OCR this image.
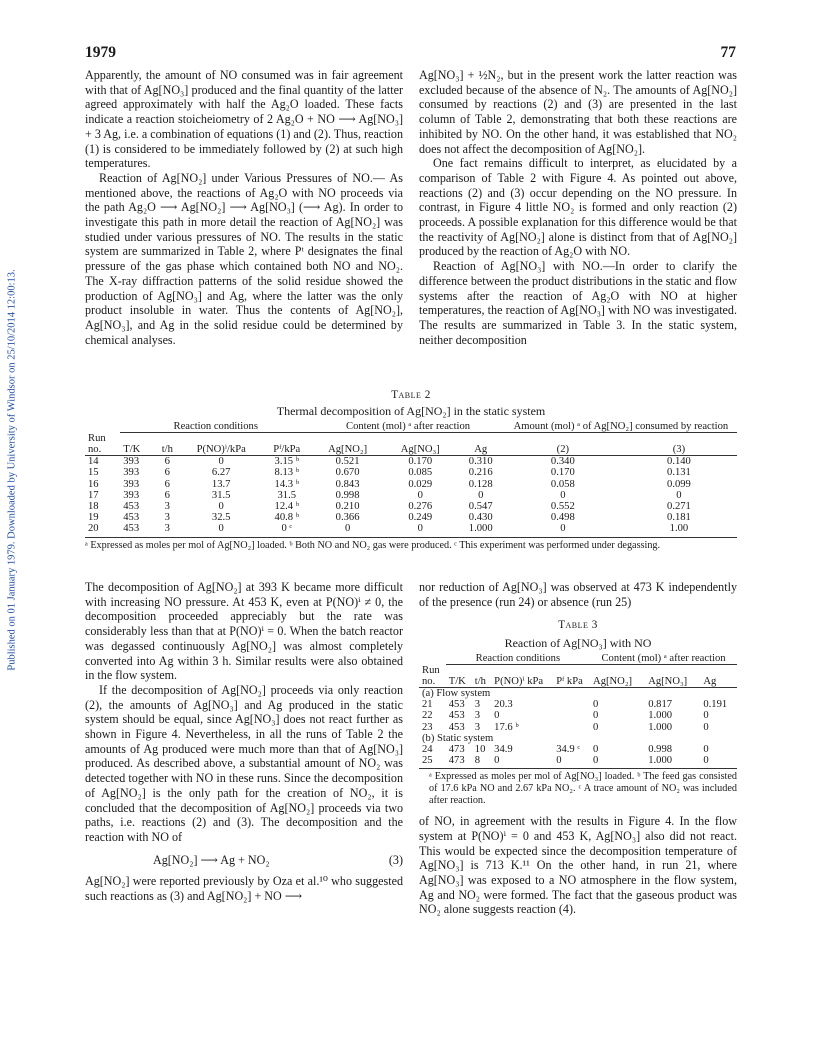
Published on 01 January 1979. Downloaded by University of Windsor on 25/10/2014 12:00:13.
1979	77

Apparently, the amount of NO consumed was in fair agreement with that of Ag[NO₃] produced and the final quantity of the latter agreed approximately with half the Ag₂O loaded. These facts indicate a reaction stoicheiometry of 2 Ag₂O + NO ⟶ Ag[NO₃] + 3 Ag, i.e. a combination of equations (1) and (2). Thus, reaction (1) is considered to be immediately followed by (2) at such high temperatures.

Reaction of Ag[NO₂] under Various Pressures of NO.— As mentioned above, the reactions of Ag₂O with NO proceeds via the path Ag₂O ⟶ Ag[NO₂] ⟶ Ag[NO₃] (⟶ Ag). In order to investigate this path in more detail the reaction of Ag[NO₂] was studied under various pressures of NO. The results in the static system are summarized in Table 2, where Pᵗ designates the final pressure of the gas phase which contained both NO and NO₂. The X-ray diffraction patterns of the solid residue showed the production of Ag[NO₃] and Ag, where the latter was the only product insoluble in water. Thus the contents of Ag[NO₂], Ag[NO₃], and Ag in the solid residue could be determined by chemical analyses.

Ag[NO₃] + ½N₂, but in the present work the latter reaction was excluded because of the absence of N₂. The amounts of Ag[NO₂] consumed by reactions (2) and (3) are presented in the last column of Table 2, demonstrating that both these reactions are inhibited by NO. On the other hand, it was established that NO₂ does not affect the decomposition of Ag[NO₂].

One fact remains difficult to interpret, as elucidated by a comparison of Table 2 with Figure 4. As pointed out above, reactions (2) and (3) occur depending on the NO pressure. In contrast, in Figure 4 little NO₂ is formed and only reaction (2) proceeds. A possible explanation for this difference would be that the reactivity of Ag[NO₂] alone is distinct from that of Ag[NO₂] produced by the reaction of Ag₂O with NO.

Reaction of Ag[NO₃] with NO.—In order to clarify the difference between the product distributions in the static and flow systems after the reaction of Ag₂O with NO at higher temperatures, the reaction of Ag[NO₃] with NO was investigated. The results are summarized in Table 3. In the static system, neither decomposition

Table 2
Thermal decomposition of Ag[NO₂] in the static system
	Reaction conditions				Content (mol) ᵃ after reaction			Amount (mol) ᵃ of Ag[NO₂] consumed by reaction	
Run									
no.	T/K	t/h	P(NO)ⁱ/kPa	Pᶠ/kPa	Ag[NO₂]	Ag[NO₃]	Ag	(2)	(3)
14	393	6	0	3.15 ᵇ	0.521	0.170	0.310	0.340	0.140
15	393	6	6.27	8.13 ᵇ	0.670	0.085	0.216	0.170	0.131
16	393	6	13.7	14.3 ᵇ	0.843	0.029	0.128	0.058	0.099
17	393	6	31.5	31.5	0.998	0	0	0	0
18	453	3	0	12.4 ᵇ	0.210	0.276	0.547	0.552	0.271
19	453	3	32.5	40.8 ᵇ	0.366	0.249	0.430	0.498	0.181
20	453	3	0	0 ᶜ	0	0	1.000	0	1.00
ᵃ Expressed as moles per mol of Ag[NO₂] loaded. ᵇ Both NO and NO₂ gas were produced. ᶜ This experiment was performed under degassing.

The decomposition of Ag[NO₂] at 393 K became more difficult with increasing NO pressure. At 453 K, even at P(NO)ⁱ ≠ 0, the decomposition proceeded appreciably but the rate was considerably less than that at P(NO)ⁱ = 0. When the batch reactor was degassed continuously Ag[NO₂] was almost completely converted into Ag within 3 h. Similar results were also obtained in the flow system.

If the decomposition of Ag[NO₂] proceeds via only reaction (2), the amounts of Ag[NO₃] and Ag produced in the static system should be equal, since Ag[NO₃] does not react further as shown in Figure 4. Nevertheless, in all the runs of Table 2 the amounts of Ag produced were much more than that of Ag[NO₃] produced. As described above, a substantial amount of NO₂ was detected together with NO in these runs. Since the decomposition of Ag[NO₂] is the only path for the creation of NO₂, it is concluded that the decomposition of Ag[NO₂] proceeds via two paths, i.e. reactions (2) and (3). The decomposition and the reaction with NO of

Ag[NO₂] ⟶ Ag + NO₂	(3)

Ag[NO₂] were reported previously by Oza et al.¹⁰ who suggested such reactions as (3) and Ag[NO₂] + NO ⟶

nor reduction of Ag[NO₃] was observed at 473 K independently of the presence (run 24) or absence (run 25)

Table 3
Reaction of Ag[NO₃] with NO
	Reaction conditions				Content (mol) ᵃ after reaction		
Run							
no.	T/K	t/h	P(NO)ⁱ kPa	Pᶠ kPa	Ag[NO₂]	Ag[NO₃]	Ag
(a) Flow system							
21	453	3	20.3		0	0.817	0.191
22	453	3	0		0	1.000	0
23	453	3	17.6 ᵇ		0	1.000	0
(b) Static system							
24	473	10	34.9	34.9 ᶜ	0	0.998	0
25	473	8	0	0	0	1.000	0
ᵃ Expressed as moles per mol of Ag[NO₃] loaded. ᵇ The feed gas consisted of 17.6 kPa NO and 2.67 kPa NO₂. ᶜ A trace amount of NO₂ was included after reaction.

of NO, in agreement with the results in Figure 4. In the flow system at P(NO)ⁱ = 0 and 453 K, Ag[NO₃] also did not react. This would be expected since the decomposition temperature of Ag[NO₃] is 713 K.¹¹ On the other hand, in run 21, where Ag[NO₃] was exposed to a NO atmosphere in the flow system, Ag and NO₂ were formed. The fact that the gaseous product was NO₂ alone suggests reaction (4).
